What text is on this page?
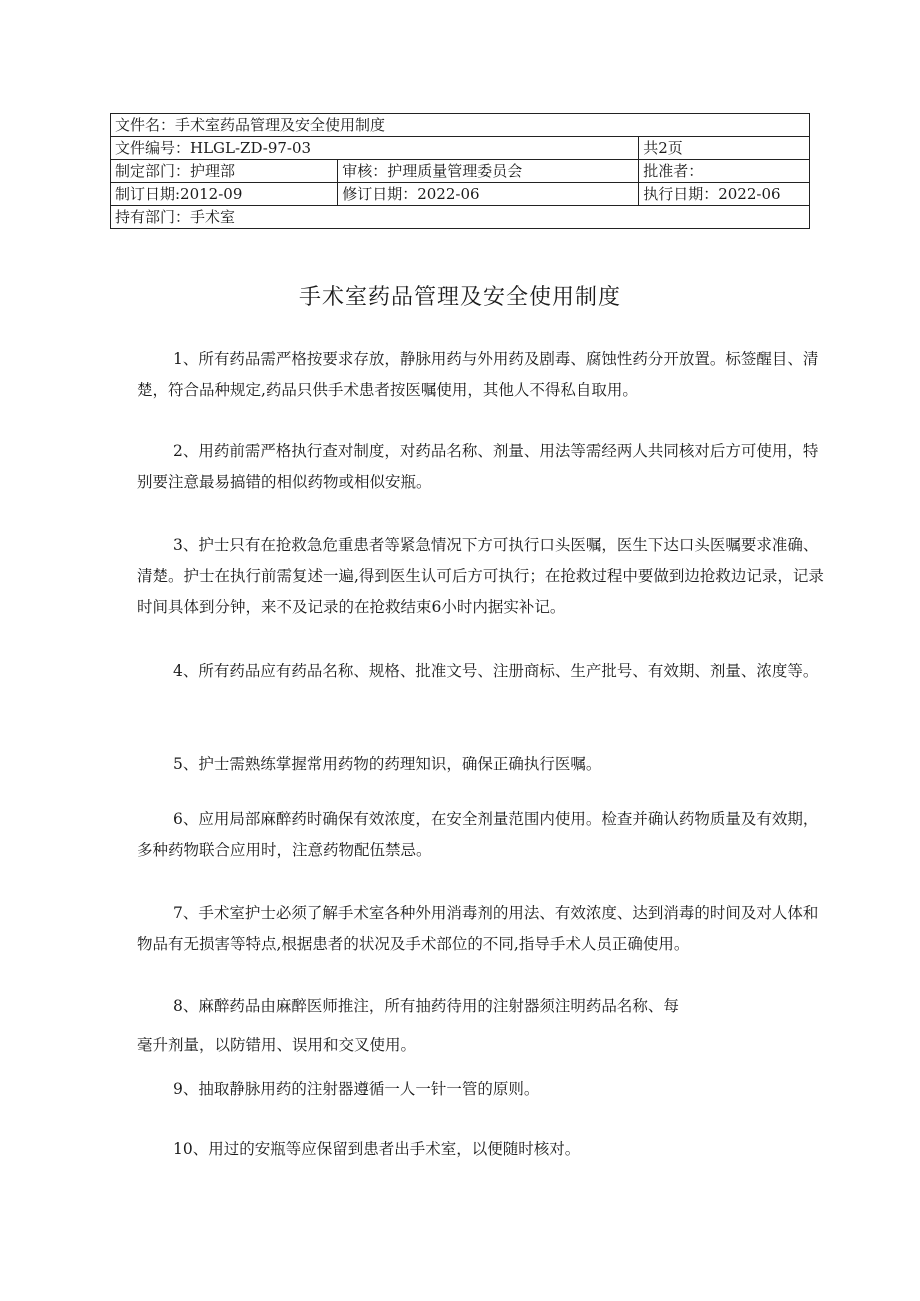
文件名：手术室药品管理及安全使用制度		
文件编号：HLGL-ZD-97-03		共2页
制定部门：护理部	审核：护理质量管理委员会	批准者：
制订日期:2012-09	修订日期：2022-06	执行日期：2022-06
持有部门：手术室		
手术室药品管理及安全使用制度

1、所有药品需严格按要求存放，静脉用药与外用药及剧毒、腐蚀性药分开放置。标签醒目、清楚，符合品种规定,药品只供手术患者按医嘱使用，其他人不得私自取用。

2、用药前需严格执行查对制度，对药品名称、剂量、用法等需经两人共同核对后方可使用，特别要注意最易搞错的相似药物或相似安瓶。

3、护士只有在抢救急危重患者等紧急情况下方可执行口头医嘱，医生下达口头医嘱要求准确、清楚。护士在执行前需复述一遍,得到医生认可后方可执行；在抢救过程中要做到边抢救边记录，记录时间具体到分钟，来不及记录的在抢救结束6小时内据实补记。

4、所有药品应有药品名称、规格、批准文号、注册商标、生产批号、有效期、剂量、浓度等。

5、护士需熟练掌握常用药物的药理知识，确保正确执行医嘱。

6、应用局部麻醉药时确保有效浓度，在安全剂量范围内使用。检查并确认药物质量及有效期，多种药物联合应用时，注意药物配伍禁忌。

7、手术室护士必须了解手术室各种外用消毒剂的用法、有效浓度、达到消毒的时间及对人体和物品有无损害等特点,根据患者的状况及手术部位的不同,指导手术人员正确使用。

8、麻醉药品由麻醉医师推注，所有抽药待用的注射器须注明药品名称、每

毫升剂量，以防错用、误用和交叉使用。

9、抽取静脉用药的注射器遵循一人一针一管的原则。

10、用过的安瓶等应保留到患者出手术室，以便随时核对。
